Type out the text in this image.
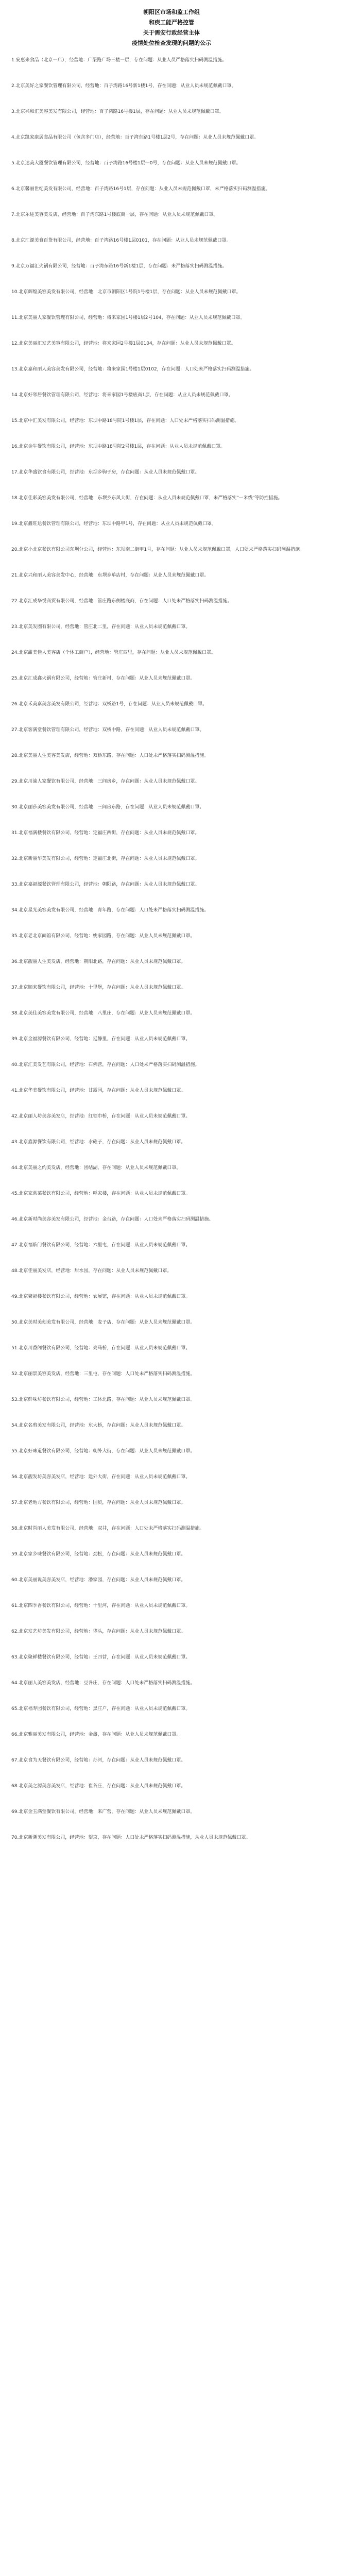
朝阳区市场和监工作组
和疾工能严格控管
关于需安行政经营主体
疫情处位检查发现的问题的公示

1.安惠来食品（北京一店），经营地：广渠路广场三楼一层，存在问题：从业人员严格落实扫码测温措施。

2.北京美好之家餐饮管理有限公司，经营地：百子湾路16号新1楼1号，存在问题：从业人员未规范佩戴口罩。

3.北京兴和汇美容美发有限公司，经营地：百子湾路16号楼1层，存在问题：从业人员未规范佩戴口罩。

4.北京凯家康居食品有限公司（包含多门店），经营地：百子湾东路1号楼1层2号，存在问题：从业人员未规范佩戴口罩。

5.北京达美大厦餐饮管理有限公司，经营地：百子湾路16号楼1层一0号，存在问题：从业人员未规范佩戴口罩。

6.北京馨丽世纪美发有限公司，经营地：百子湾路16号1层，存在问题：从业人员未规范佩戴口罩，未严格落实扫码测温措施。

7.北京乐途美容美发店，经营地：百子湾东路1号楼底商一层，存在问题：从业人员未规范佩戴口罩。

8.北京汇源美食百货有限公司，经营地：百子湾路16号楼1层0101，存在问题：从业人员未规范佩戴口罩。

9.北京万福汇火锅有限公司，经营地：百子湾东路16号新1楼1层，存在问题：未严格落实扫码测温措施。

10.北京辉煌美容美发有限公司，经营地：北京市朝阳区1号院1号楼1层，存在问题：从业人员未规范佩戴口罩。

11.北京美丽人家餐饮管理有限公司，经营地：将来家园1号楼1层2号104，存在问题：从业人员未规范佩戴口罩。

12.北京美丽汇发艺美容有限公司，经营地：将来家园2号楼1层0104，存在问题：从业人员未规范佩戴口罩。

13.北京嘉和丽人美容美发有限公司，经营地：将来家园1号楼1层0102，存在问题：人口处未严格落实扫码测温措施。

14.北京好邻居餐饮管理有限公司，经营地：将来家园1号楼底商1层，存在问题：从业人员未规范佩戴口罩。

15.北京中汇美发有限公司，经营地：东坝中路18号院1号楼1层，存在问题：人口处未严格落实扫码测温措施。

16.北京金牛餐饮有限公司，经营地：东坝中路18号院2号楼1层，存在问题：从业人员未规范佩戴口罩。

17.北京华盛饮食有限公司，经营地：东坝乡驹子房，存在问题：从业人员未规范佩戴口罩。

18.北京佳彩美容美发有限公司，经营地：东坝乡东风大街，存在问题：从业人员未规范佩戴口罩，未严格落实"一米线"等防控措施。

19.北京鑫旺达餐饮管理有限公司，经营地：东坝中路甲1号，存在问题：从业人员未规范佩戴口罩。

20.北京小北京餐饮有限公司东坝分公司，经营地：东坝南二街甲1号，存在问题：从业人员未规范佩戴口罩，人口处未严格落实扫码测温措施。

21.北京兴和丽人美容美发中心，经营地：东坝乡单店村，存在问题：从业人员未规范佩戴口罩。

22.北京汇成华悦商贸有限公司，经营地：管庄路东侧楼底商，存在问题：人口处未严格落实扫码测温措施。

23.北京美发圈有限公司，经营地：管庄北二里，存在问题：从业人员未规范佩戴口罩。

24.北京甜美佳人美容店（个体工商户），经营地：管庄西里，存在问题：从业人员未规范佩戴口罩。

25.北京汇成鑫火锅有限公司，经营地：管庄新村，存在问题：从业人员未规范佩戴口罩。

26.北京禾美嘉美容美发有限公司，经营地：双桥路1号，存在问题：从业人员未规范佩戴口罩。

27.北京客满堂餐饮管理有限公司，经营地：双桥中路，存在问题：从业人员未规范佩戴口罩。

28.北京美丽人生美容美发店，经营地：双桥东路，存在问题：人口处未严格落实扫码测温措施。

29.北京川渝人家餐饮有限公司，经营地：三间房乡，存在问题：从业人员未规范佩戴口罩。

30.北京丽莎美容美发有限公司，经营地：三间房东路，存在问题：从业人员未规范佩戴口罩。

31.北京福满楼餐饮有限公司，经营地：定福庄西街，存在问题：从业人员未规范佩戴口罩。

32.北京新丽华美发有限公司，经营地：定福庄北街，存在问题：从业人员未规范佩戴口罩。

33.北京嘉福源餐饮管理有限公司，经营地：朝阳路，存在问题：从业人员未规范佩戴口罩。

34.北京星光美容美发有限公司，经营地：青年路，存在问题：人口处未严格落实扫码测温措施。

35.北京老北京面馆有限公司，经营地：姚家园路，存在问题：从业人员未规范佩戴口罩。

36.北京靓丽人生美发店，经营地：朝阳北路，存在问题：从业人员未规范佩戴口罩。

37.北京顺来餐饮有限公司，经营地：十里堡，存在问题：从业人员未规范佩戴口罩。

38.北京美佳美容美发有限公司，经营地：八里庄，存在问题：从业人员未规范佩戴口罩。

39.北京金福源餐饮有限公司，经营地：延静里，存在问题：从业人员未规范佩戴口罩。

40.北京汇美发艺有限公司，经营地：石佛营，存在问题：人口处未严格落实扫码测温措施。

41.北京华美餐饮有限公司，经营地：甘露园，存在问题：从业人员未规范佩戴口罩。

42.北京丽人坊美容美发店，经营地：红领巾桥，存在问题：从业人员未规范佩戴口罩。

43.北京鑫源餐饮有限公司，经营地：水碓子，存在问题：从业人员未规范佩戴口罩。

44.北京美丽之约美发店，经营地：团结湖，存在问题：从业人员未规范佩戴口罩。

45.北京家常菜餐饮有限公司，经营地：呼家楼，存在问题：从业人员未规范佩戴口罩。

46.北京新时尚美容美发有限公司，经营地：金台路，存在问题：人口处未严格落实扫码测温措施。

47.北京福临门餐饮有限公司，经营地：六里屯，存在问题：从业人员未规范佩戴口罩。

48.北京佳丽美发店，经营地：甜水园，存在问题：从业人员未规范佩戴口罩。

49.北京聚福楼餐饮有限公司，经营地：农展馆，存在问题：从业人员未规范佩戴口罩。

50.北京美时美刻美发有限公司，经营地：麦子店，存在问题：从业人员未规范佩戴口罩。

51.北京川香阁餐饮有限公司，经营地：亮马桥，存在问题：从业人员未规范佩戴口罩。

52.北京丽景美容美发店，经营地：三里屯，存在问题：人口处未严格落实扫码测温措施。

53.北京鲜味坊餐饮有限公司，经营地：工体北路，存在问题：从业人员未规范佩戴口罩。

54.北京名剪美发有限公司，经营地：东大桥，存在问题：从业人员未规范佩戴口罩。

55.北京好味道餐饮有限公司，经营地：朝外大街，存在问题：从业人员未规范佩戴口罩。

56.北京靓发坊美容美发店，经营地：建外大街，存在问题：从业人员未规范佩戴口罩。

57.北京老地方餐饮有限公司，经营地：国贸，存在问题：从业人员未规范佩戴口罩。

58.北京时尚丽人美发有限公司，经营地：双井，存在问题：人口处未严格落实扫码测温措施。

59.北京家乡味餐饮有限公司，经营地：劲松，存在问题：从业人员未规范佩戴口罩。

60.北京美丽说美容美发店，经营地：潘家园，存在问题：从业人员未规范佩戴口罩。

61.北京四季香餐饮有限公司，经营地：十里河，存在问题：从业人员未规范佩戴口罩。

62.北京发艺坊美发有限公司，经营地：垡头，存在问题：从业人员未规范佩戴口罩。

63.北京聚鲜楼餐饮有限公司，经营地：王四营，存在问题：从业人员未规范佩戴口罩。

64.北京丽人美容美发店，经营地：豆各庄，存在问题：人口处未严格落实扫码测温措施。

65.北京福寿园餐饮有限公司，经营地：黑庄户，存在问题：从业人员未规范佩戴口罩。

66.北京雅丽美发有限公司，经营地：金盏，存在问题：从业人员未规范佩戴口罩。

67.北京食为天餐饮有限公司，经营地：孙河，存在问题：从业人员未规范佩戴口罩。

68.北京美之源美容美发店，经营地：崔各庄，存在问题：从业人员未规范佩戴口罩。

69.北京金玉满堂餐饮有限公司，经营地：来广营，存在问题：从业人员未规范佩戴口罩。

70.北京新潮美发有限公司，经营地：望京，存在问题：人口处未严格落实扫码测温措施，从业人员未规范佩戴口罩。
